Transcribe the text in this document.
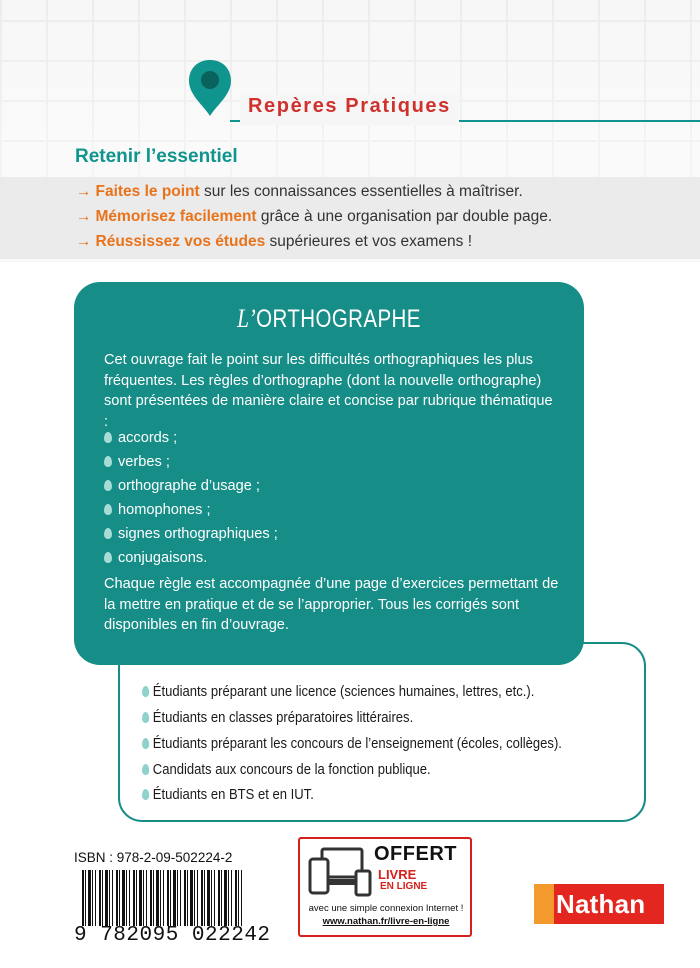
Repères Pratiques
Retenir l’essentiel
→ Faites le point sur les connaissances essentielles à maîtriser.
→ Mémorisez facilement grâce à une organisation par double page.
→ Réussissez vos études supérieures et vos examens !
L’ORTHOGRAPHE
Cet ouvrage fait le point sur les difficultés orthographiques les plus fréquentes. Les règles d’orthographe (dont la nouvelle orthographe) sont présentées de manière claire et concise par rubrique thématique :
accords ;
verbes ;
orthographe d’usage ;
homophones ;
signes orthographiques ;
conjugaisons.
Chaque règle est accompagnée d’une page d’exercices permettant de la mettre en pratique et de se l’approprier. Tous les corrigés sont disponibles en fin d’ouvrage.
Étudiants préparant une licence (sciences humaines, lettres, etc.).
Étudiants en classes préparatoires littéraires.
Étudiants préparant les concours de l’enseignement (écoles, collèges).
Candidats aux concours de la fonction publique.
Étudiants en BTS et en IUT.
ISBN : 978-2-09-502224-2
9 782095 022242
OFFERT
LIVRE
EN LIGNE
avec une simple connexion Internet !
www.nathan.fr/livre-en-ligne
Nathan
